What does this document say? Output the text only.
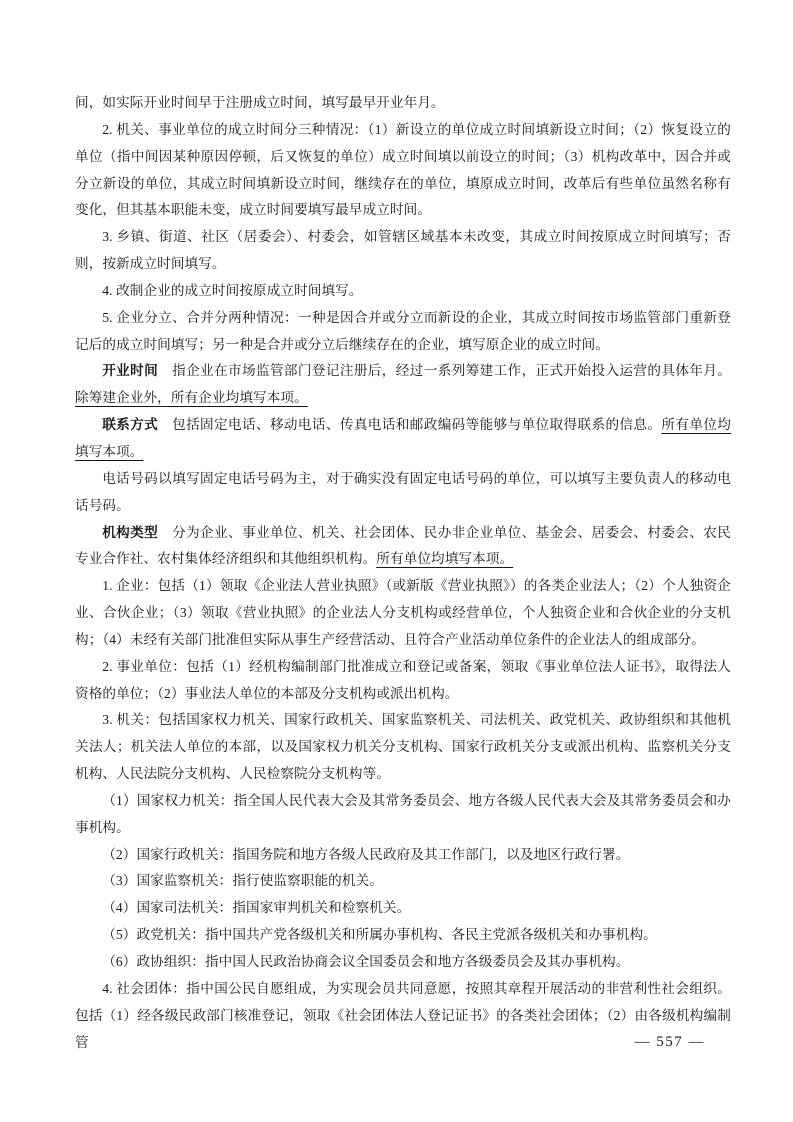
间，如实际开业时间早于注册成立时间，填写最早开业年月。

2. 机关、事业单位的成立时间分三种情况：（1）新设立的单位成立时间填新设立时间；（2）恢复设立的单位（指中间因某种原因停顿，后又恢复的单位）成立时间填以前设立的时间；（3）机构改革中，因合并或分立新设的单位，其成立时间填新设立时间，继续存在的单位，填原成立时间，改革后有些单位虽然名称有变化，但其基本职能未变，成立时间要填写最早成立时间。

3. 乡镇、街道、社区（居委会）、村委会，如管辖区域基本未改变，其成立时间按原成立时间填写；否则，按新成立时间填写。

4. 改制企业的成立时间按原成立时间填写。

5. 企业分立、合并分两种情况：一种是因合并或分立而新设的企业，其成立时间按市场监管部门重新登记后的成立时间填写；另一种是合并或分立后继续存在的企业，填写原企业的成立时间。

开业时间　指企业在市场监管部门登记注册后，经过一系列筹建工作，正式开始投入运营的具体年月。除筹建企业外，所有企业均填写本项。

联系方式　包括固定电话、移动电话、传真电话和邮政编码等能够与单位取得联系的信息。所有单位均填写本项。

电话号码以填写固定电话号码为主，对于确实没有固定电话号码的单位，可以填写主要负责人的移动电话号码。

机构类型　分为企业、事业单位、机关、社会团体、民办非企业单位、基金会、居委会、村委会、农民专业合作社、农村集体经济组织和其他组织机构。所有单位均填写本项。

1. 企业：包括（1）领取《企业法人营业执照》（或新版《营业执照》）的各类企业法人；（2）个人独资企业、合伙企业；（3）领取《营业执照》的企业法人分支机构或经营单位，个人独资企业和合伙企业的分支机构；（4）未经有关部门批准但实际从事生产经营活动、且符合产业活动单位条件的企业法人的组成部分。

2. 事业单位：包括（1）经机构编制部门批准成立和登记或备案，领取《事业单位法人证书》，取得法人资格的单位；（2）事业法人单位的本部及分支机构或派出机构。

3. 机关：包括国家权力机关、国家行政机关、国家监察机关、司法机关、政党机关、政协组织和其他机关法人；机关法人单位的本部，以及国家权力机关分支机构、国家行政机关分支或派出机构、监察机关分支机构、人民法院分支机构、人民检察院分支机构等。

（1）国家权力机关：指全国人民代表大会及其常务委员会、地方各级人民代表大会及其常务委员会和办事机构。

（2）国家行政机关：指国务院和地方各级人民政府及其工作部门，以及地区行政行署。

（3）国家监察机关：指行使监察职能的机关。

（4）国家司法机关：指国家审判机关和检察机关。

（5）政党机关：指中国共产党各级机关和所属办事机构、各民主党派各级机关和办事机构。

（6）政协组织：指中国人民政治协商会议全国委员会和地方各级委员会及其办事机构。

4. 社会团体：指中国公民自愿组成，为实现会员共同意愿，按照其章程开展活动的非营利性社会组织。包括（1）经各级民政部门核准登记，领取《社会团体法人登记证书》的各类社会团体；（2）由各级机构编制管	— 557 —
